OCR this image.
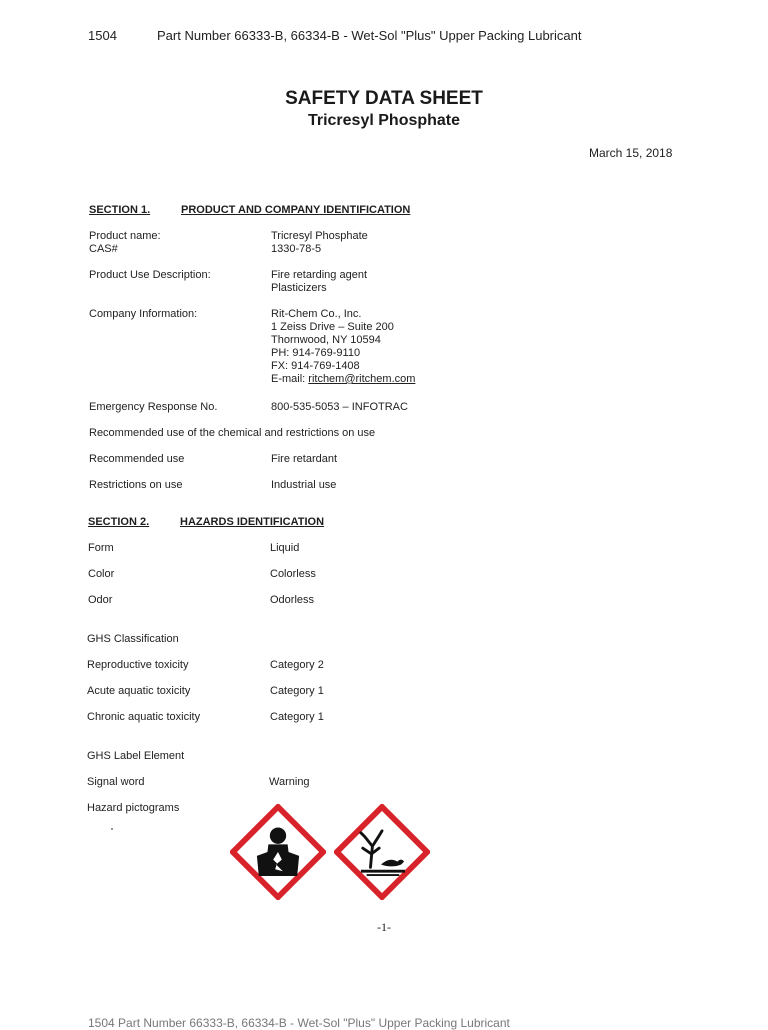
1504	Part Number 66333-B, 66334-B - Wet-Sol "Plus" Upper Packing Lubricant
SAFETY DATA SHEET
Tricresyl Phosphate
March 15, 2018
SECTION 1.	PRODUCT AND COMPANY IDENTIFICATION
Product name:	Tricresyl Phosphate
CAS#	1330-78-5
Product Use Description:	Fire retarding agent
Plasticizers
Company Information:	Rit-Chem Co., Inc.
1 Zeiss Drive – Suite 200
Thornwood, NY 10594
PH: 914-769-9110
FX: 914-769-1408
E-mail: ritchem@ritchem.com
Emergency Response No.	800-535-5053 – INFOTRAC
Recommended use of the chemical and restrictions on use
Recommended use	Fire retardant
Restrictions on use	Industrial use
SECTION 2.	HAZARDS IDENTIFICATION
Form	Liquid
Color	Colorless
Odor	Odorless
GHS Classification
Reproductive toxicity	Category 2
Acute aquatic toxicity	Category 1
Chronic aquatic toxicity	Category 1
GHS Label Element
Signal word	Warning
Hazard pictograms
-1-
1504 Part Number 66333-B, 66334-B - Wet-Sol "Plus" Upper Packing Lubricant
